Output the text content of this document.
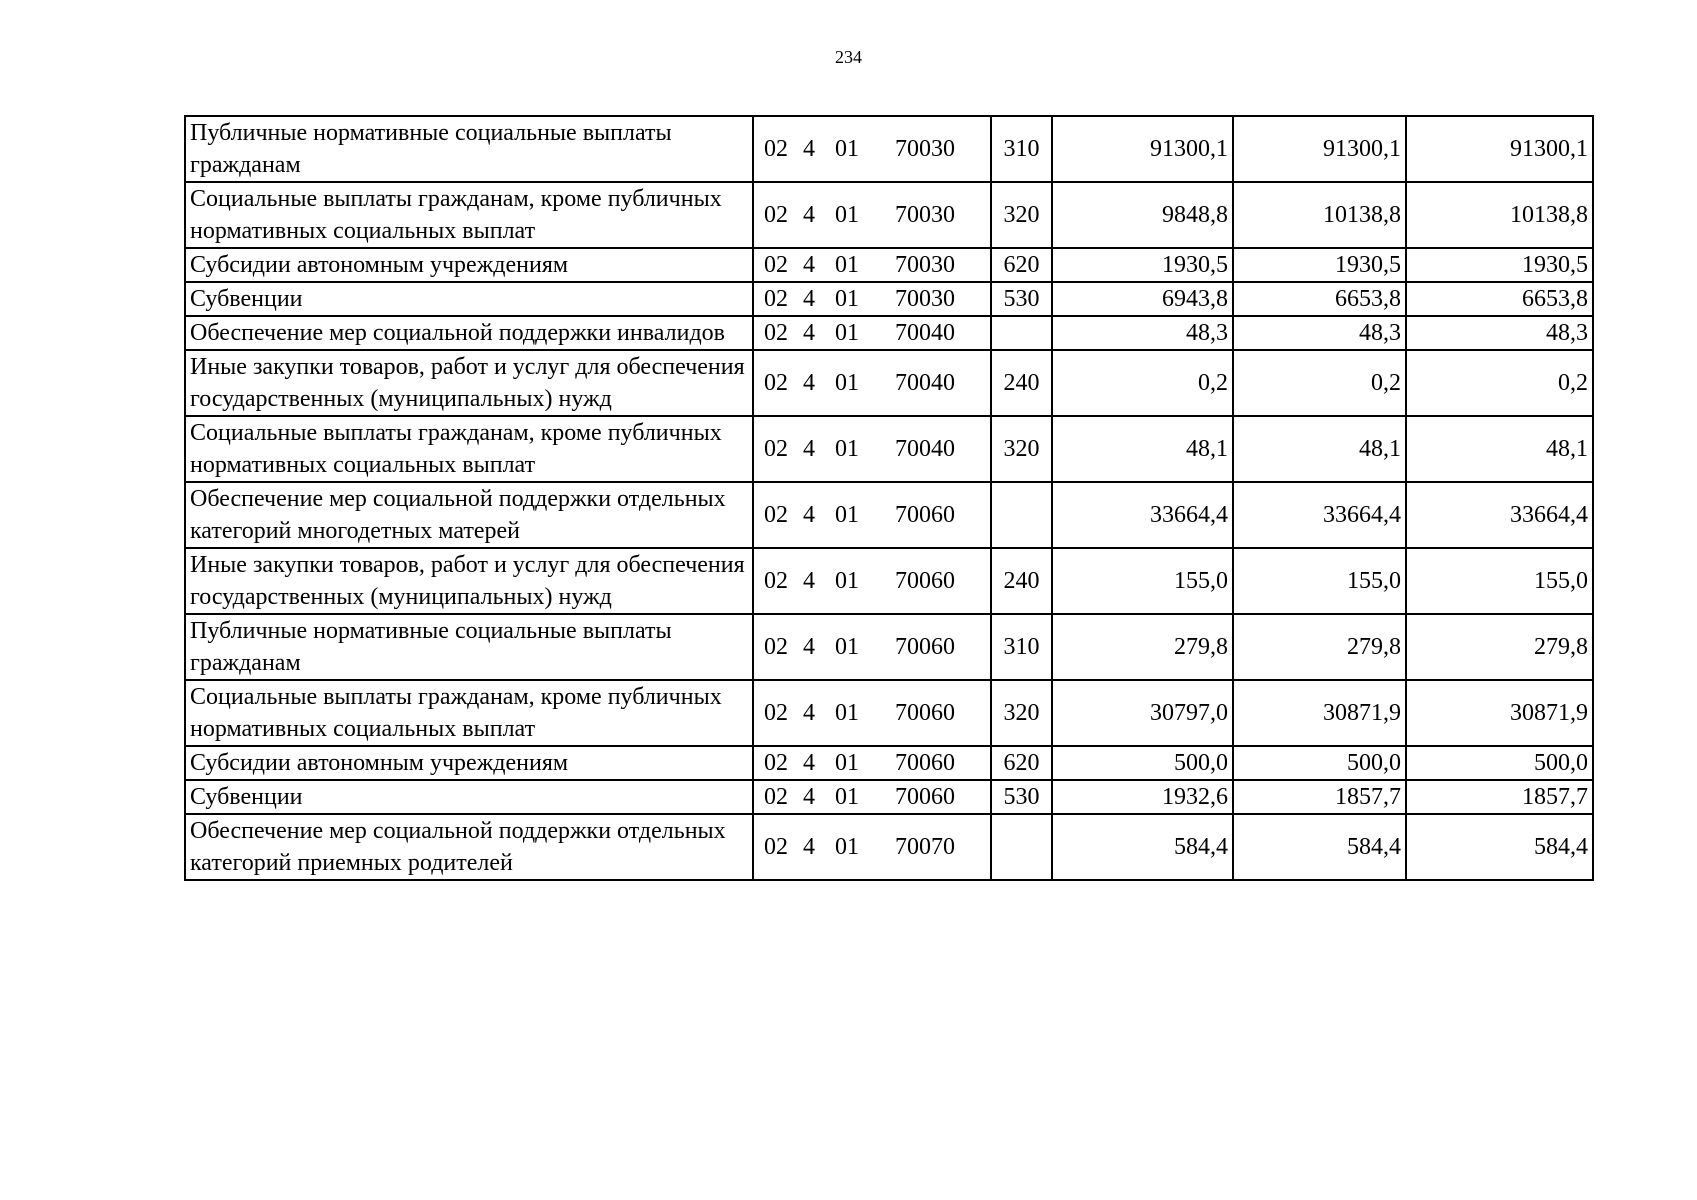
234
Публичные нормативные социальные выплаты гражданам	02 4 01 70030	310	91300,1	91300,1	91300,1
Социальные выплаты гражданам, кроме публичных нормативных социальных выплат	02 4 01 70030	320	9848,8	10138,8	10138,8
Субсидии автономным учреждениям	02 4 01 70030	620	1930,5	1930,5	1930,5
Субвенции	02 4 01 70030	530	6943,8	6653,8	6653,8
Обеспечение мер социальной поддержки инвалидов	02 4 01 70040		48,3	48,3	48,3
Иные закупки товаров, работ и услуг для обеспечения государственных (муниципальных) нужд	02 4 01 70040	240	0,2	0,2	0,2
Социальные выплаты гражданам, кроме публичных нормативных социальных выплат	02 4 01 70040	320	48,1	48,1	48,1
Обеспечение мер социальной поддержки отдельных категорий многодетных матерей	02 4 01 70060		33664,4	33664,4	33664,4
Иные закупки товаров, работ и услуг для обеспечения государственных (муниципальных) нужд	02 4 01 70060	240	155,0	155,0	155,0
Публичные нормативные социальные выплаты гражданам	02 4 01 70060	310	279,8	279,8	279,8
Социальные выплаты гражданам, кроме публичных нормативных социальных выплат	02 4 01 70060	320	30797,0	30871,9	30871,9
Субсидии автономным учреждениям	02 4 01 70060	620	500,0	500,0	500,0
Субвенции	02 4 01 70060	530	1932,6	1857,7	1857,7
Обеспечение мер социальной поддержки отдельных категорий приемных родителей	02 4 01 70070		584,4	584,4	584,4
